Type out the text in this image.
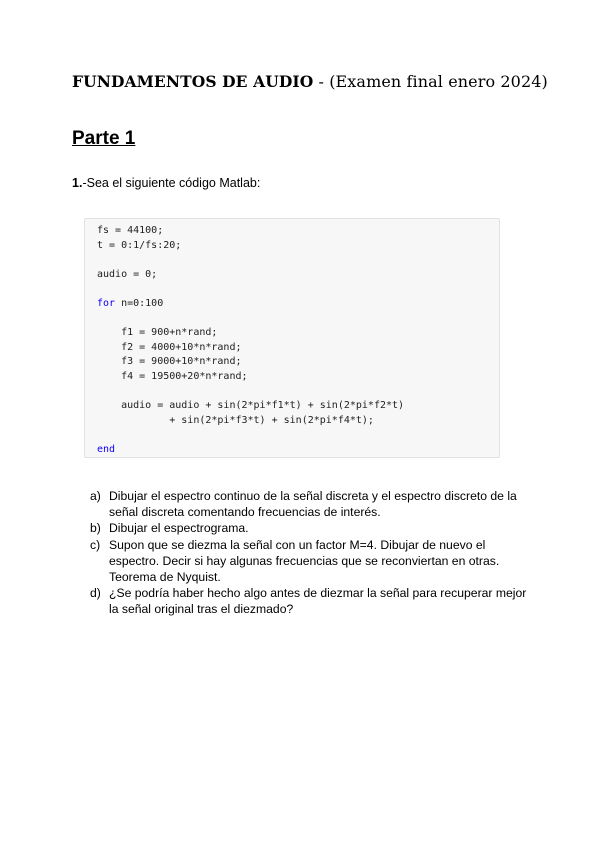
FUNDAMENTOS DE AUDIO - (Examen final enero 2024)
Parte 1
1.-Sea el siguiente código Matlab:
fs = 44100;
t = 0:1/fs:20;
audio = 0;
for n=0:100
f1 = 900+n*rand;
f2 = 4000+10*n*rand;
f3 = 9000+10*n*rand;
f4 = 19500+20*n*rand;
audio = audio + sin(2*pi*f1*t) + sin(2*pi*f2*t)
+ sin(2*pi*f3*t) + sin(2*pi*f4*t);
end
a) Dibujar el espectro continuo de la señal discreta y el espectro discreto de la señal discreta comentando frecuencias de interés.
b) Dibujar el espectrograma.
c) Supon que se diezma la señal con un factor M=4. Dibujar de nuevo el espectro. Decir si hay algunas frecuencias que se reconviertan en otras. Teorema de Nyquist.
d) ¿Se podría haber hecho algo antes de diezmar la señal para recuperar mejor la señal original tras el diezmado?
